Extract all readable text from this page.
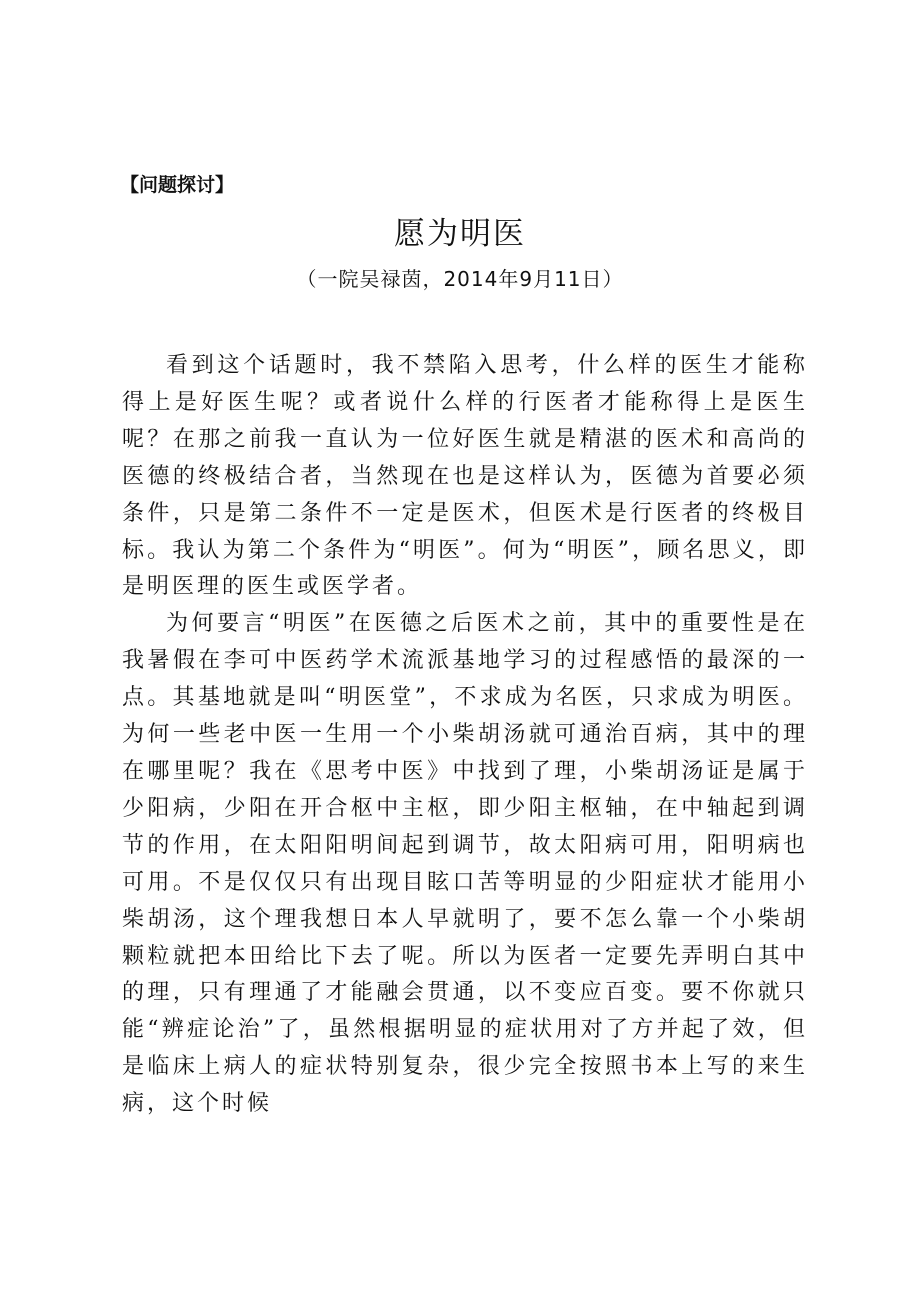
【问题探讨】
愿为明医
（一院吴禄茵，2014年9月11日）

看到这个话题时，我不禁陷入思考，什么样的医生才能称得上是好医生呢？或者说什么样的行医者才能称得上是医生呢？在那之前我一直认为一位好医生就是精湛的医术和高尚的医德的终极结合者，当然现在也是这样认为，医德为首要必须条件，只是第二条件不一定是医术，但医术是行医者的终极目标。我认为第二个条件为“明医”。何为“明医”，顾名思义，即是明医理的医生或医学者。

为何要言“明医”在医德之后医术之前，其中的重要性是在我暑假在李可中医药学术流派基地学习的过程感悟的最深的一点。其基地就是叫“明医堂”，不求成为名医，只求成为明医。为何一些老中医一生用一个小柴胡汤就可通治百病，其中的理在哪里呢？我在《思考中医》中找到了理，小柴胡汤证是属于少阳病，少阳在开合枢中主枢，即少阳主枢轴，在中轴起到调节的作用，在太阳阳明间起到调节，故太阳病可用，阳明病也可用。不是仅仅只有出现目眩口苦等明显的少阳症状才能用小柴胡汤，这个理我想日本人早就明了，要不怎么靠一个小柴胡颗粒就把本田给比下去了呢。所以为医者一定要先弄明白其中的理，只有理通了才能融会贯通，以不变应百变。要不你就只能“辨症论治”了，虽然根据明显的症状用对了方并起了效，但是临床上病人的症状特别复杂，很少完全按照书本上写的来生病，这个时候
